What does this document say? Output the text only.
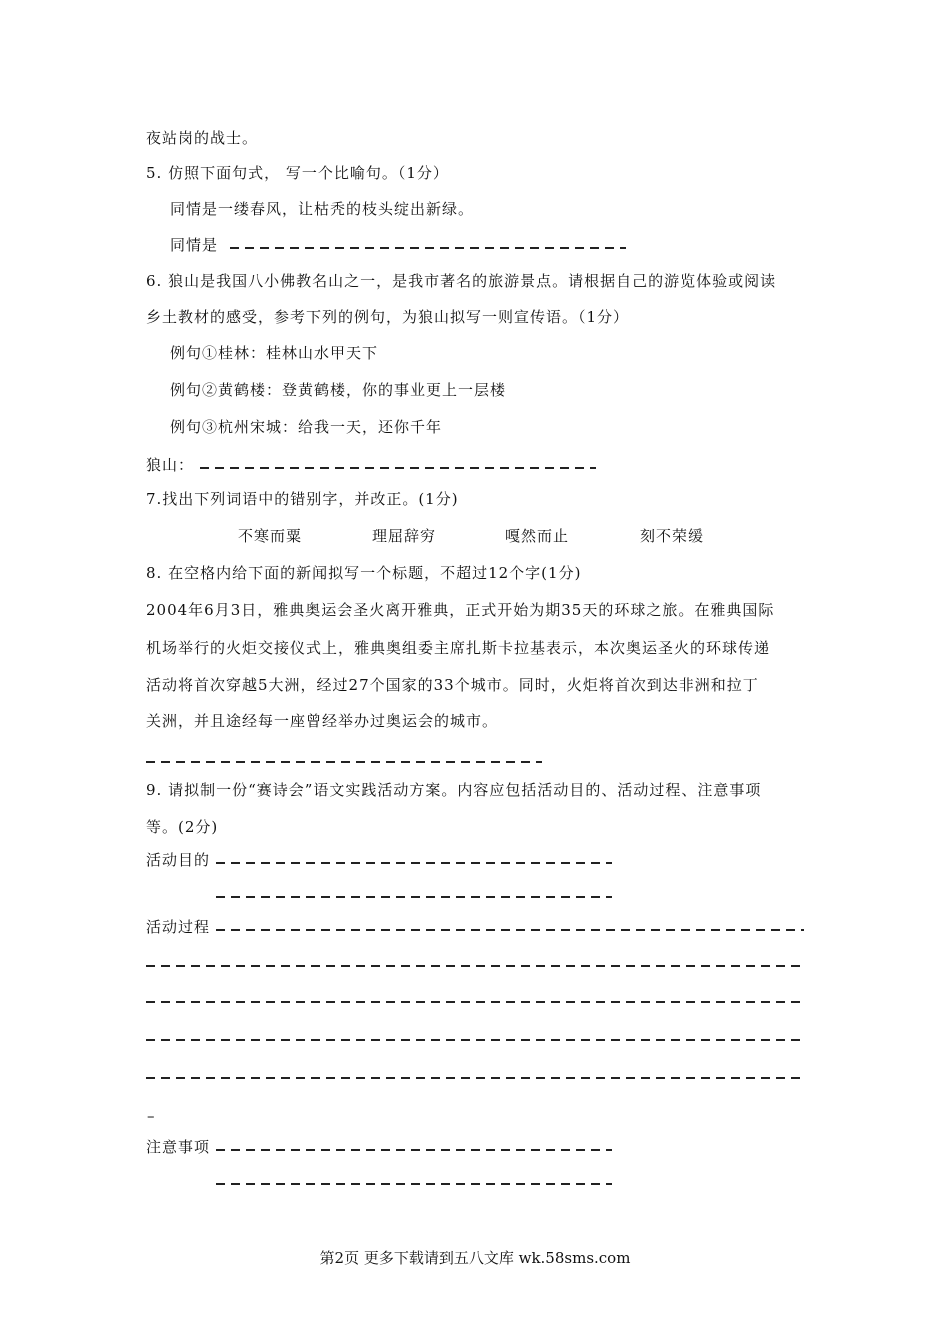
夜站岗的战士。
5. 仿照下面句式， 写一个比喻句。（1分）
同情是一缕春风，让枯秃的枝头绽出新绿。
同情是
6. 狼山是我国八小佛教名山之一，是我市著名的旅游景点。请根据自己的游览体验或阅读
乡土教材的感受，参考下列的例句，为狼山拟写一则宣传语。（1分）
例句①桂林：桂林山水甲天下
例句②黄鹤楼：登黄鹤楼，你的事业更上一层楼
例句③杭州宋城：给我一天，还你千年
狼山：
7.找出下列词语中的错别字，并改正。(1分)
不寒而粟	理屈辞穷	嘎然而止	刻不荣缓
8. 在空格内给下面的新闻拟写一个标题，不超过12个字(1分)
2004年6月3日，雅典奥运会圣火离开雅典，正式开始为期35天的环球之旅。在雅典国际
机场举行的火炬交接仪式上，雅典奥组委主席扎斯卡拉基表示，本次奥运圣火的环球传递
活动将首次穿越5大洲，经过27个国家的33个城市。同时，火炬将首次到达非洲和拉丁
关洲，并且途经每一座曾经举办过奥运会的城市。
9. 请拟制一份“赛诗会”语文实践活动方案。内容应包括活动目的、活动过程、注意事项
等。(2分)
活动目的
活动过程
–
注意事项
第2页 更多下载请到五八文库 wk.58sms.com
